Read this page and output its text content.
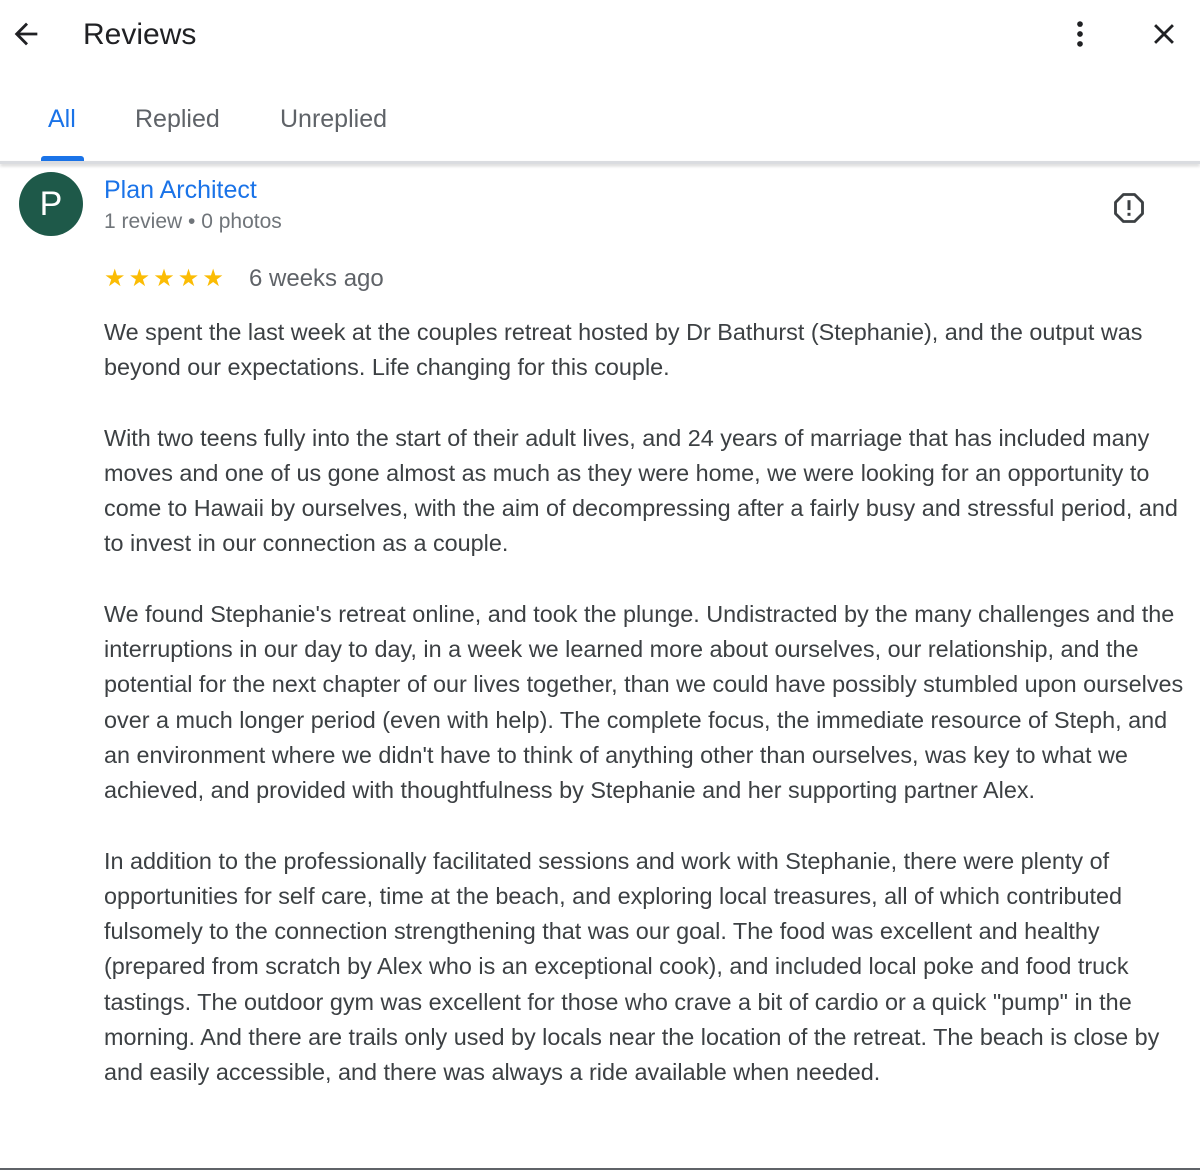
Reviews
All Replied Unreplied
P	Plan Architect
1 review • 0 photos
★ ★ ★ ★ ★ 6 weeks ago

We spent the last week at the couples retreat hosted by Dr Bathurst (Stephanie), and the output was beyond our expectations. Life changing for this couple.

With two teens fully into the start of their adult lives, and 24 years of marriage that has included many moves and one of us gone almost as much as they were home, we were looking for an opportunity to come to Hawaii by ourselves, with the aim of decompressing after a fairly busy and stressful period, and to invest in our connection as a couple.

We found Stephanie's retreat online, and took the plunge. Undistracted by the many challenges and the interruptions in our day to day, in a week we learned more about ourselves, our relationship, and the potential for the next chapter of our lives together, than we could have possibly stumbled upon ourselves over a much longer period (even with help). The complete focus, the immediate resource of Steph, and an environment where we didn't have to think of anything other than ourselves, was key to what we achieved, and provided with thoughtfulness by Stephanie and her supporting partner Alex.

In addition to the professionally facilitated sessions and work with Stephanie, there were plenty of opportunities for self care, time at the beach, and exploring local treasures, all of which contributed fulsomely to the connection strengthening that was our goal. The food was excellent and healthy (prepared from scratch by Alex who is an exceptional cook), and included local poke and food truck tastings. The outdoor gym was excellent for those who crave a bit of cardio or a quick "pump" in the morning. And there are trails only used by locals near the location of the retreat. The beach is close by and easily accessible, and there was always a ride available when needed.
